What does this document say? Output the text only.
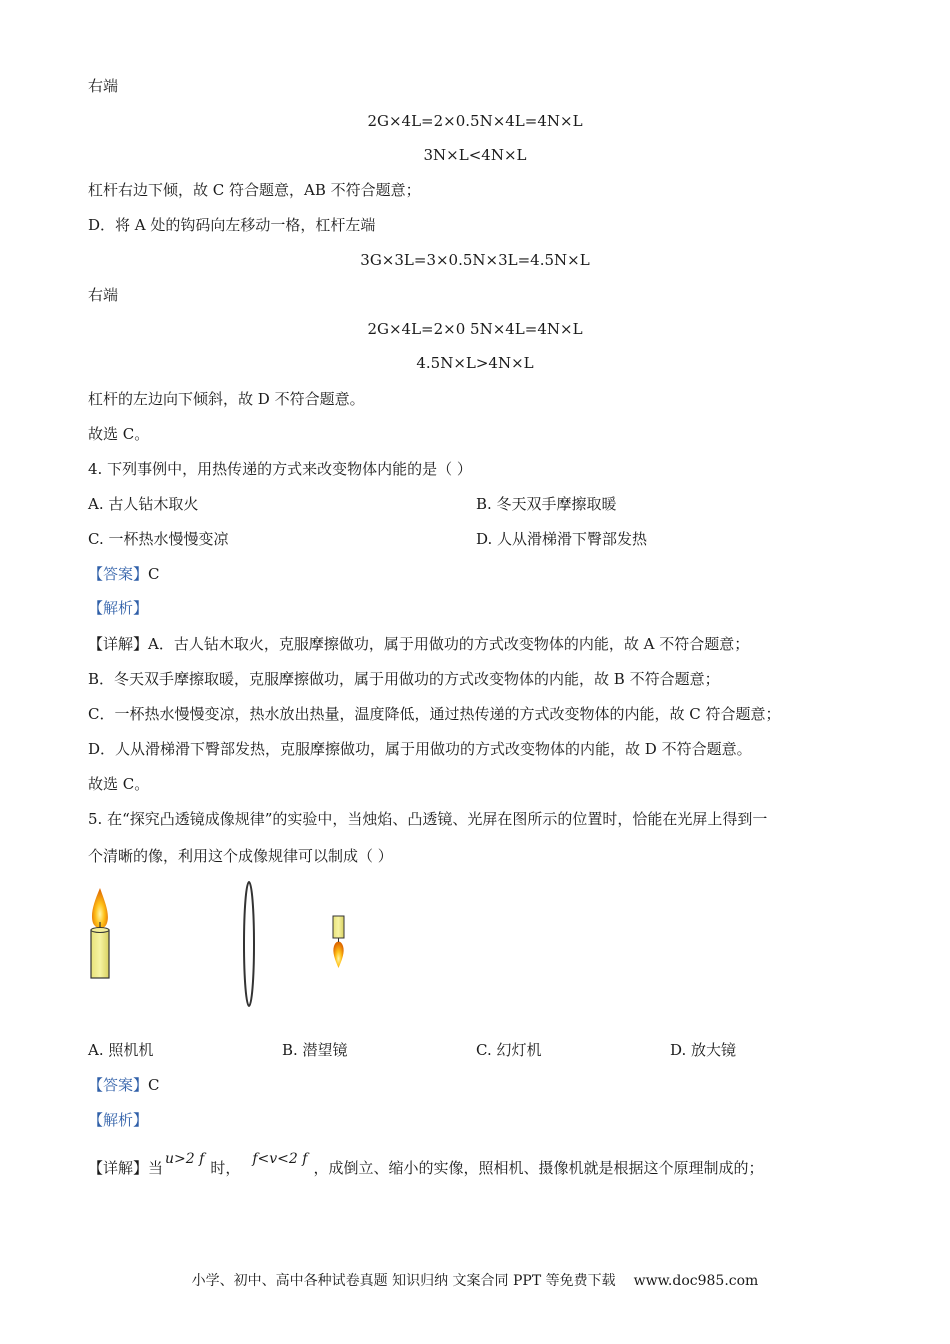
右端
2G×4L=2×0.5N×4L=4N×L
3N×L<4N×L
杠杆右边下倾，故 C 符合题意，AB 不符合题意；
D．将 A 处的钩码向左移动一格，杠杆左端
3G×3L=3×0.5N×3L=4.5N×L
右端
2G×4L=2×0 5N×4L=4N×L
4.5N×L>4N×L
杠杆的左边向下倾斜，故 D 不符合题意。
故选 C。
4. 下列事例中，用热传递的方式来改变物体内能的是（ ）
A. 古人钻木取火	B. 冬天双手摩擦取暖
C. 一杯热水慢慢变凉	D. 人从滑梯滑下臀部发热
【答案】C
【解析】
【详解】A．古人钻木取火，克服摩擦做功，属于用做功的方式改变物体的内能，故 A 不符合题意；
B．冬天双手摩擦取暖，克服摩擦做功，属于用做功的方式改变物体的内能，故 B 不符合题意；
C．一杯热水慢慢变凉，热水放出热量，温度降低，通过热传递的方式改变物体的内能，故 C 符合题意；
D．人从滑梯滑下臀部发热，克服摩擦做功，属于用做功的方式改变物体的内能，故 D 不符合题意。
故选 C。
5. 在“探究凸透镜成像规律”的实验中，当烛焰、凸透镜、光屏在图所示的位置时，恰能在光屏上得到一
个清晰的像，利用这个成像规律可以制成（ ）
A. 照机机	B. 潜望镜	C. 幻灯机	D. 放大镜
【答案】C
【解析】
【详解】当 u>2 f 时， f<v<2 f ，成倒立、缩小的实像，照相机、摄像机就是根据这个原理制成的；
小学、初中、高中各种试卷真题 知识归纳 文案合同 PPT 等免费下载 www.doc985.com
